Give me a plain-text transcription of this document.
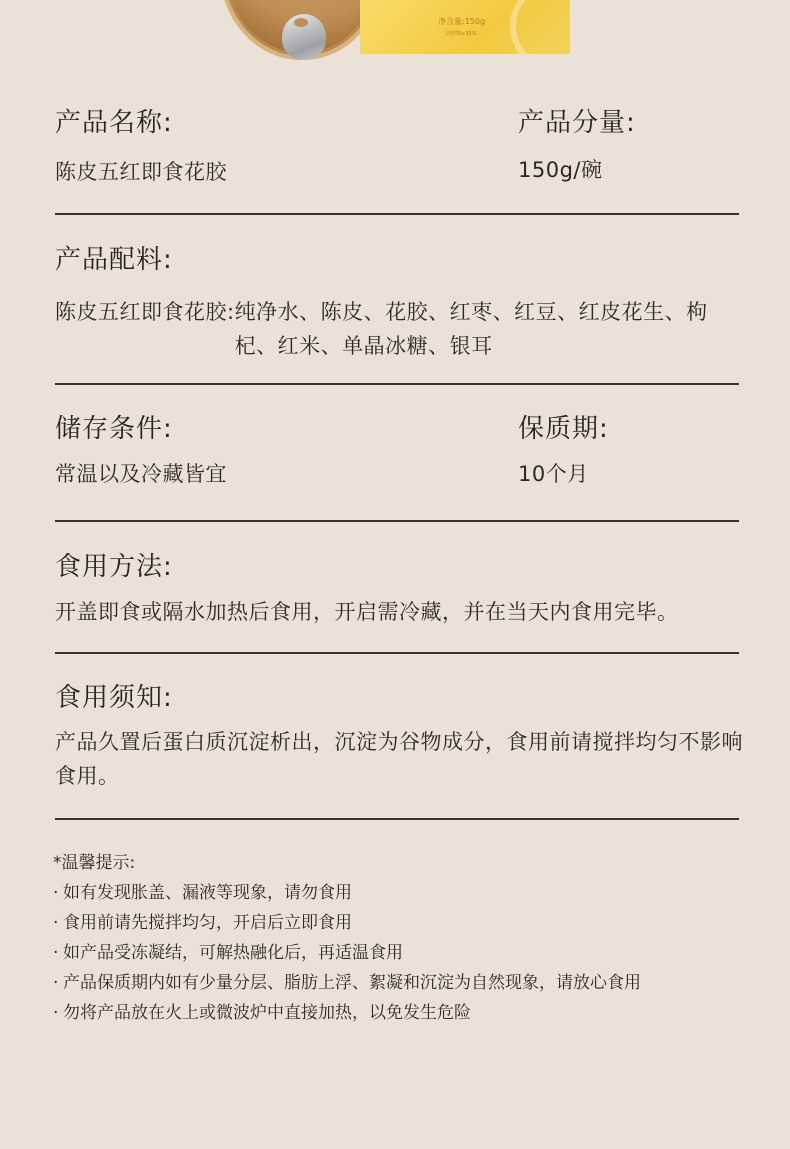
净含量:150g
固形物≥35%

产品名称:

陈皮五红即食花胶

产品分量:

150g/碗

产品配料:

陈皮五红即食花胶: 纯净水、陈皮、花胶、红枣、红豆、红皮花生、枸杞、红米、单晶冰糖、银耳

储存条件:

常温以及冷藏皆宜

保质期:

10个月

食用方法:

开盖即食或隔水加热后食用，开启需冷藏，并在当天内食用完毕。

食用须知:

产品久置后蛋白质沉淀析出，沉淀为谷物成分，食用前请搅拌均匀不影响食用。

*温馨提示:
· 如有发现胀盖、漏液等现象，请勿食用
· 食用前请先搅拌均匀，开启后立即食用
· 如产品受冻凝结，可解热融化后，再适温食用
· 产品保质期内如有少量分层、脂肪上浮、絮凝和沉淀为自然现象，请放心食用
· 勿将产品放在火上或微波炉中直接加热，以免发生危险
